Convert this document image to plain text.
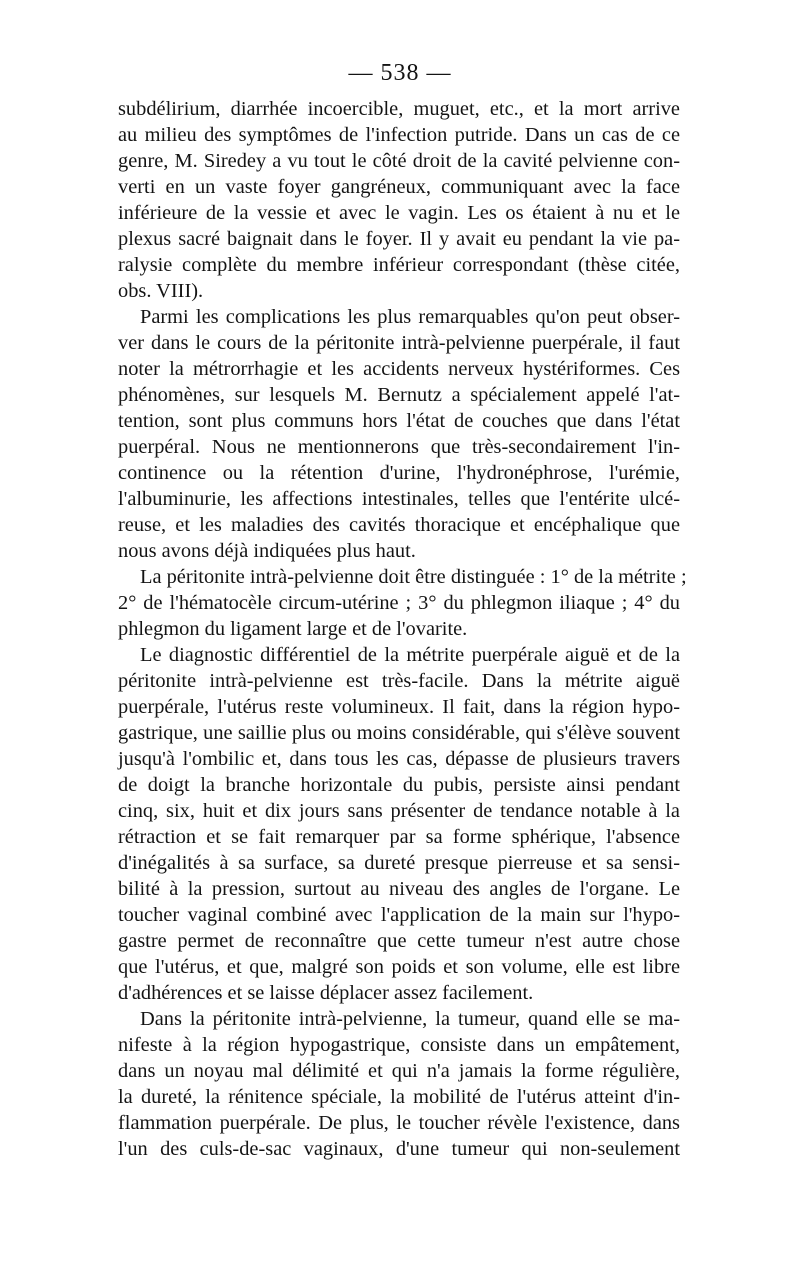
— 538 —
subdélirium, diarrhée incoercible, muguet, etc., et la mort arrive
au milieu des symptômes de l'infection putride. Dans un cas de ce
genre, M. Siredey a vu tout le côté droit de la cavité pelvienne con-
verti en un vaste foyer gangréneux, communiquant avec la face
inférieure de la vessie et avec le vagin. Les os étaient à nu et le
plexus sacré baignait dans le foyer. Il y avait eu pendant la vie pa-
ralysie complète du membre inférieur correspondant (thèse citée,
obs. VIII).
Parmi les complications les plus remarquables qu'on peut obser-
ver dans le cours de la péritonite intrà-pelvienne puerpérale, il faut
noter la métrorrhagie et les accidents nerveux hystériformes. Ces
phénomènes, sur lesquels M. Bernutz a spécialement appelé l'at-
tention, sont plus communs hors l'état de couches que dans l'état
puerpéral. Nous ne mentionnerons que très-secondairement l'in-
continence ou la rétention d'urine, l'hydronéphrose, l'urémie,
l'albuminurie, les affections intestinales, telles que l'entérite ulcé-
reuse, et les maladies des cavités thoracique et encéphalique que
nous avons déjà indiquées plus haut.
La péritonite intrà-pelvienne doit être distinguée : 1° de la métrite ;
2° de l'hématocèle circum-utérine ; 3° du phlegmon iliaque ; 4° du
phlegmon du ligament large et de l'ovarite.
Le diagnostic différentiel de la métrite puerpérale aiguë et de la
péritonite intrà-pelvienne est très-facile. Dans la métrite aiguë
puerpérale, l'utérus reste volumineux. Il fait, dans la région hypo-
gastrique, une saillie plus ou moins considérable, qui s'élève souvent
jusqu'à l'ombilic et, dans tous les cas, dépasse de plusieurs travers
de doigt la branche horizontale du pubis, persiste ainsi pendant
cinq, six, huit et dix jours sans présenter de tendance notable à la
rétraction et se fait remarquer par sa forme sphérique, l'absence
d'inégalités à sa surface, sa dureté presque pierreuse et sa sensi-
bilité à la pression, surtout au niveau des angles de l'organe. Le
toucher vaginal combiné avec l'application de la main sur l'hypo-
gastre permet de reconnaître que cette tumeur n'est autre chose
que l'utérus, et que, malgré son poids et son volume, elle est libre
d'adhérences et se laisse déplacer assez facilement.
Dans la péritonite intrà-pelvienne, la tumeur, quand elle se ma-
nifeste à la région hypogastrique, consiste dans un empâtement,
dans un noyau mal délimité et qui n'a jamais la forme régulière,
la dureté, la rénitence spéciale, la mobilité de l'utérus atteint d'in-
flammation puerpérale. De plus, le toucher révèle l'existence, dans
l'un des culs-de-sac vaginaux, d'une tumeur qui non-seulement
